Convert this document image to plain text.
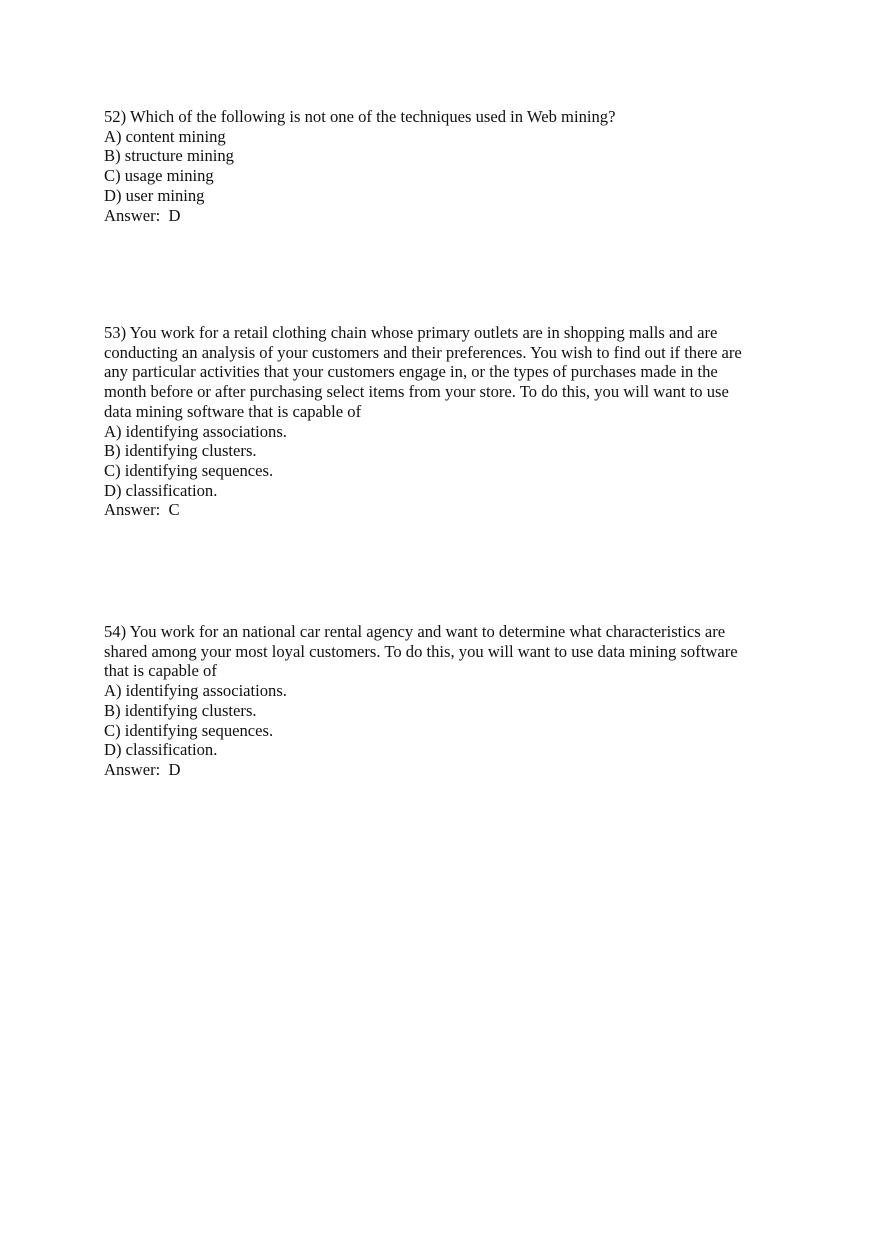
52) Which of the following is not one of the techniques used in Web mining?
A) content mining
B) structure mining
C) usage mining
D) user mining
Answer:  D
53) You work for a retail clothing chain whose primary outlets are in shopping malls and are
conducting an analysis of your customers and their preferences. You wish to find out if there are
any particular activities that your customers engage in, or the types of purchases made in the
month before or after purchasing select items from your store. To do this, you will want to use
data mining software that is capable of
A) identifying associations.
B) identifying clusters.
C) identifying sequences.
D) classification.
Answer:  C
54) You work for an national car rental agency and want to determine what characteristics are
shared among your most loyal customers. To do this, you will want to use data mining software
that is capable of
A) identifying associations.
B) identifying clusters.
C) identifying sequences.
D) classification.
Answer:  D
